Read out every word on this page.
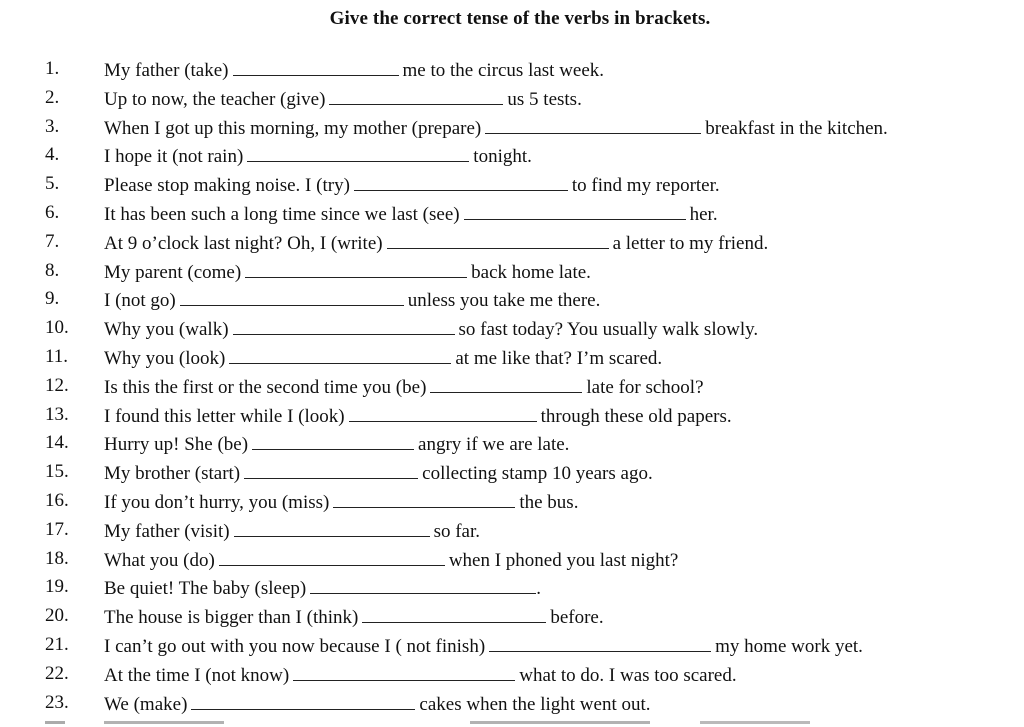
Give the correct tense of the verbs in brackets.
1. My father (take)	me to the circus last week.
2. Up to now, the teacher (give)	us 5 tests.
3. When I got up this morning, my mother (prepare)	breakfast in the kitchen.
4. I hope it (not rain)	tonight.
5. Please stop making noise. I (try)	to find my reporter.
6. It has been such a long time since we last (see)	her.
7. At 9 o’clock last night? Oh, I (write)	a letter to my friend.
8. My parent (come)	back home late.
9. I (not go)	unless you take me there.
10. Why you (walk)	so fast today? You usually walk slowly.
11. Why you (look)	at me like that? I’m scared.
12. Is this the first or the second time you (be)	late for school?
13. I found this letter while I (look)	through these old papers.
14. Hurry up! She (be)	angry if we are late.
15. My brother (start)	collecting stamp 10 years ago.
16. If you don’t hurry, you (miss)	the bus.
17. My father (visit)	so far.
18. What you (do)	when I phoned you last night?
19. Be quiet! The baby (sleep)	.
20. The house is bigger than I (think)	before.
21. I can’t go out with you now because I ( not finish)	my home work yet.
22. At the time I (not know)	what to do. I was too scared.
23. We (make)	cakes when the light went out.
